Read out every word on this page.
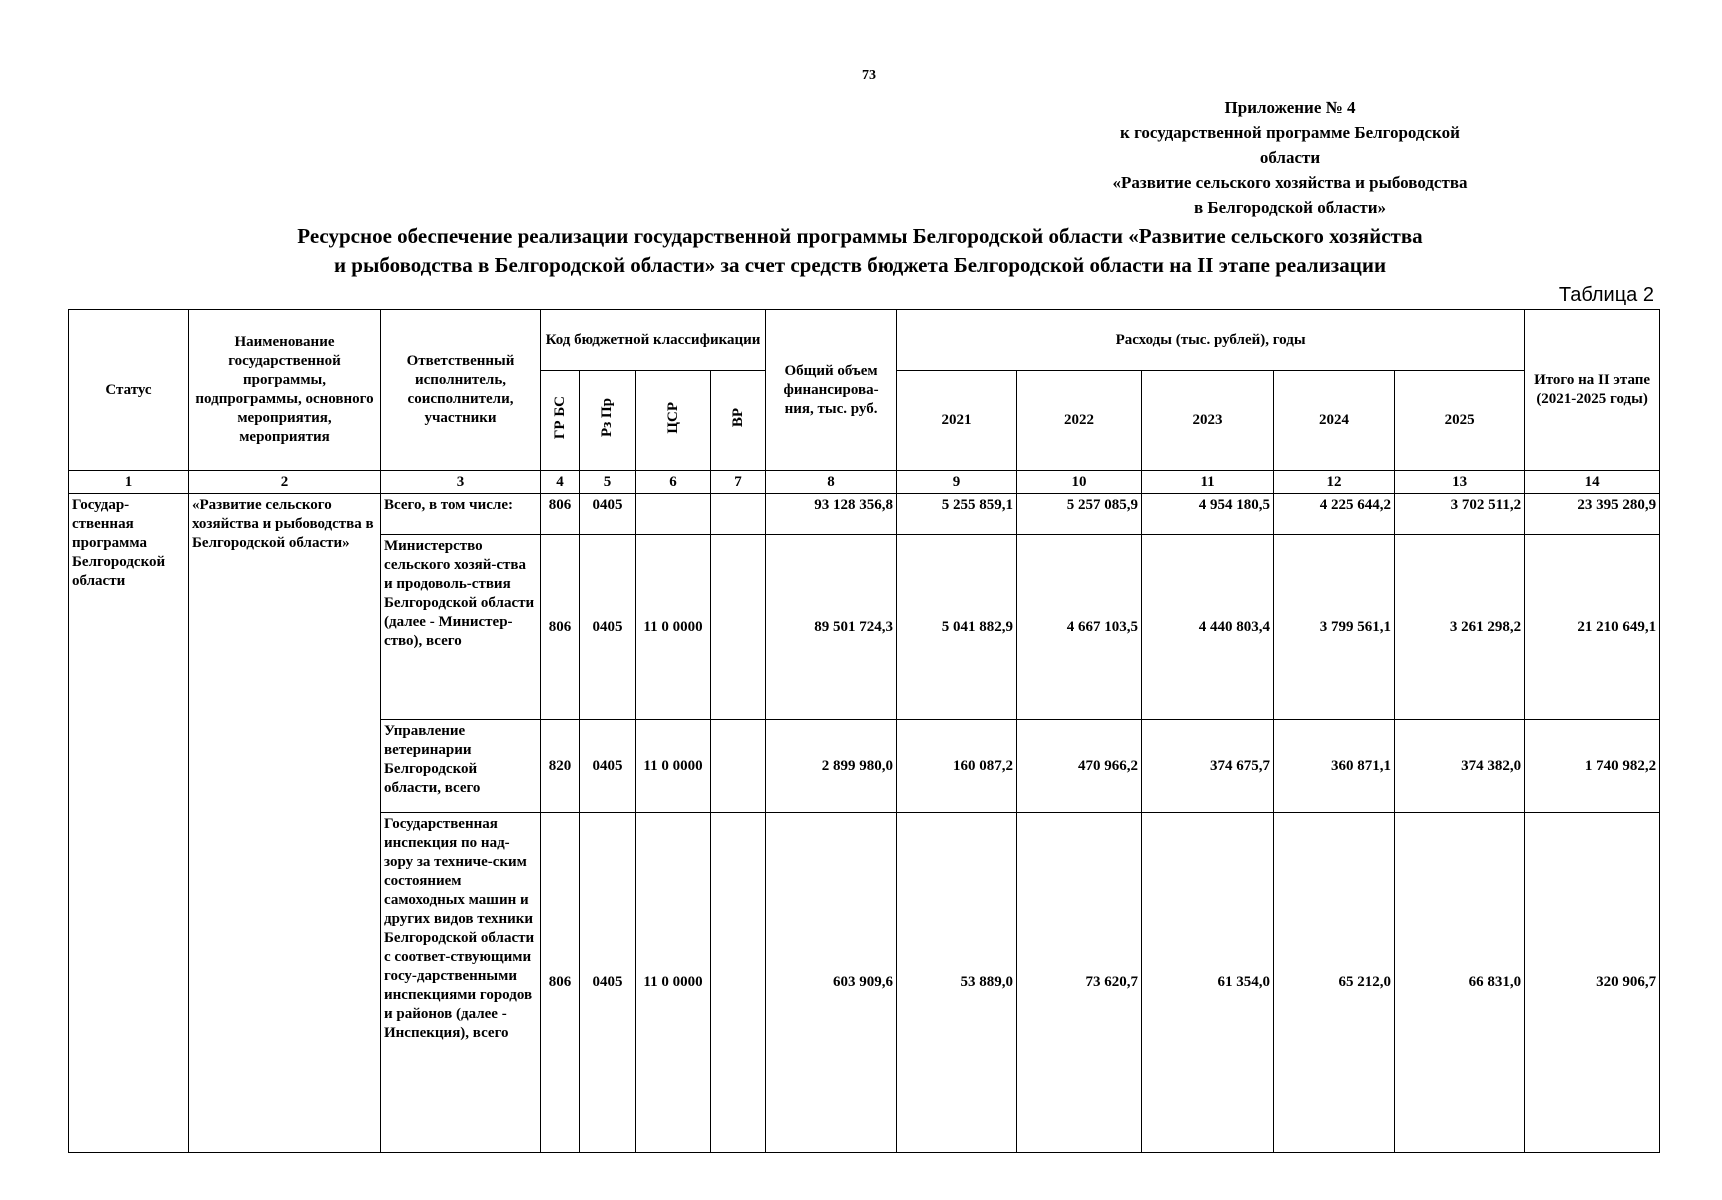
73
Приложение № 4
к государственной программе Белгородской области
«Развитие сельского хозяйства и рыбоводства
в Белгородской области»
Ресурсное обеспечение реализации государственной программы Белгородской области «Развитие сельского хозяйства
и рыбоводства в Белгородской области» за счет средств бюджета Белгородской области на II этапе реализации
Таблица 2
Статус	Наименование государственной программы, подпрограммы, основного мероприятия, мероприятия	Ответственный исполнитель, соисполнители, участники	Код бюджетной классификации				Общий объем финансирова-ния, тыс. руб.	Расходы (тыс. рублей), годы					Итого на II этапе (2021-2025 годы)
			ГР БС	Рз Пр	ЦСР	ВР		2021	2022	2023	2024	2025	
1	2	3	4	5	6	7	8	9	10	11	12	13	14
Государ-ственная программа Белгородской области	«Развитие сельского хозяйства и рыбоводства в Белгородской области»	Всего, в том числе:	806	0405			93 128 356,8	5 255 859,1	5 257 085,9	4 954 180,5	4 225 644,2	3 702 511,2	23 395 280,9
		Министерство сельского хозяй-ства и продоволь-ствия Белгородской области (далее - Министер-ство), всего	806	0405	11 0 0000		89 501 724,3	5 041 882,9	4 667 103,5	4 440 803,4	3 799 561,1	3 261 298,2	21 210 649,1
		Управление ветеринарии Белгородской области, всего	820	0405	11 0 0000		2 899 980,0	160 087,2	470 966,2	374 675,7	360 871,1	374 382,0	1 740 982,2
		Государственная инспекция по над-зору за техниче-ским состоянием самоходных машин и других видов техники Белгородской области с соответ-ствующими госу-дарственными инспекциями городов и районов (далее - Инспекция), всего	806	0405	11 0 0000		603 909,6	53 889,0	73 620,7	61 354,0	65 212,0	66 831,0	320 906,7
